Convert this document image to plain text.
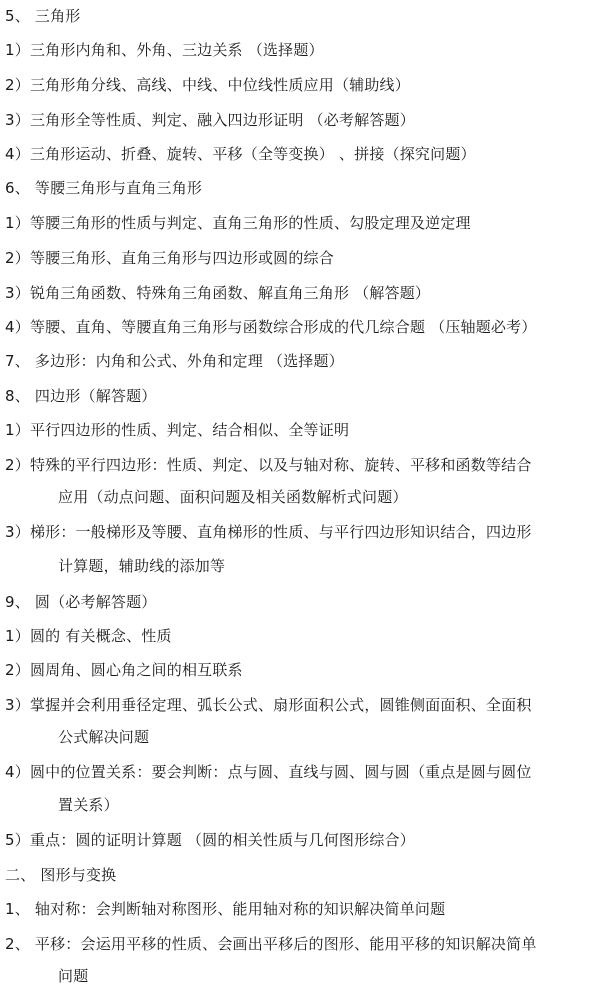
5、 三角形
1）三角形内角和、外角、三边关系 （选择题）
2）三角形角分线、高线、中线、中位线性质应用（辅助线）
3）三角形全等性质、判定、融入四边形证明 （必考解答题）
4）三角形运动、折叠、旋转、平移（全等变换） 、拼接（探究问题）
6、 等腰三角形与直角三角形
1）等腰三角形的性质与判定、直角三角形的性质、勾股定理及逆定理
2）等腰三角形、直角三角形与四边形或圆的综合
3）锐角三角函数、特殊角三角函数、解直角三角形 （解答题）
4）等腰、直角、等腰直角三角形与函数综合形成的代几综合题 （压轴题必考）
7、 多边形：内角和公式、外角和定理 （选择题）
8、 四边形（解答题）
1）平行四边形的性质、判定、结合相似、全等证明
2）特殊的平行四边形：性质、判定、以及与轴对称、旋转、平移和函数等结合
应用（动点问题、面积问题及相关函数解析式问题）
3）梯形：一般梯形及等腰、直角梯形的性质、与平行四边形知识结合，四边形
计算题，辅助线的添加等
9、 圆（必考解答题）
1）圆的 有关概念、性质
2）圆周角、圆心角之间的相互联系
3）掌握并会利用垂径定理、弧长公式、扇形面积公式，圆锥侧面面积、全面积
公式解决问题
4）圆中的位置关系：要会判断：点与圆、直线与圆、圆与圆（重点是圆与圆位
置关系）
5）重点：圆的证明计算题 （圆的相关性质与几何图形综合）
二、 图形与变换
1、 轴对称：会判断轴对称图形、能用轴对称的知识解决简单问题
2、 平移：会运用平移的性质、会画出平移后的图形、能用平移的知识解决简单
问题
